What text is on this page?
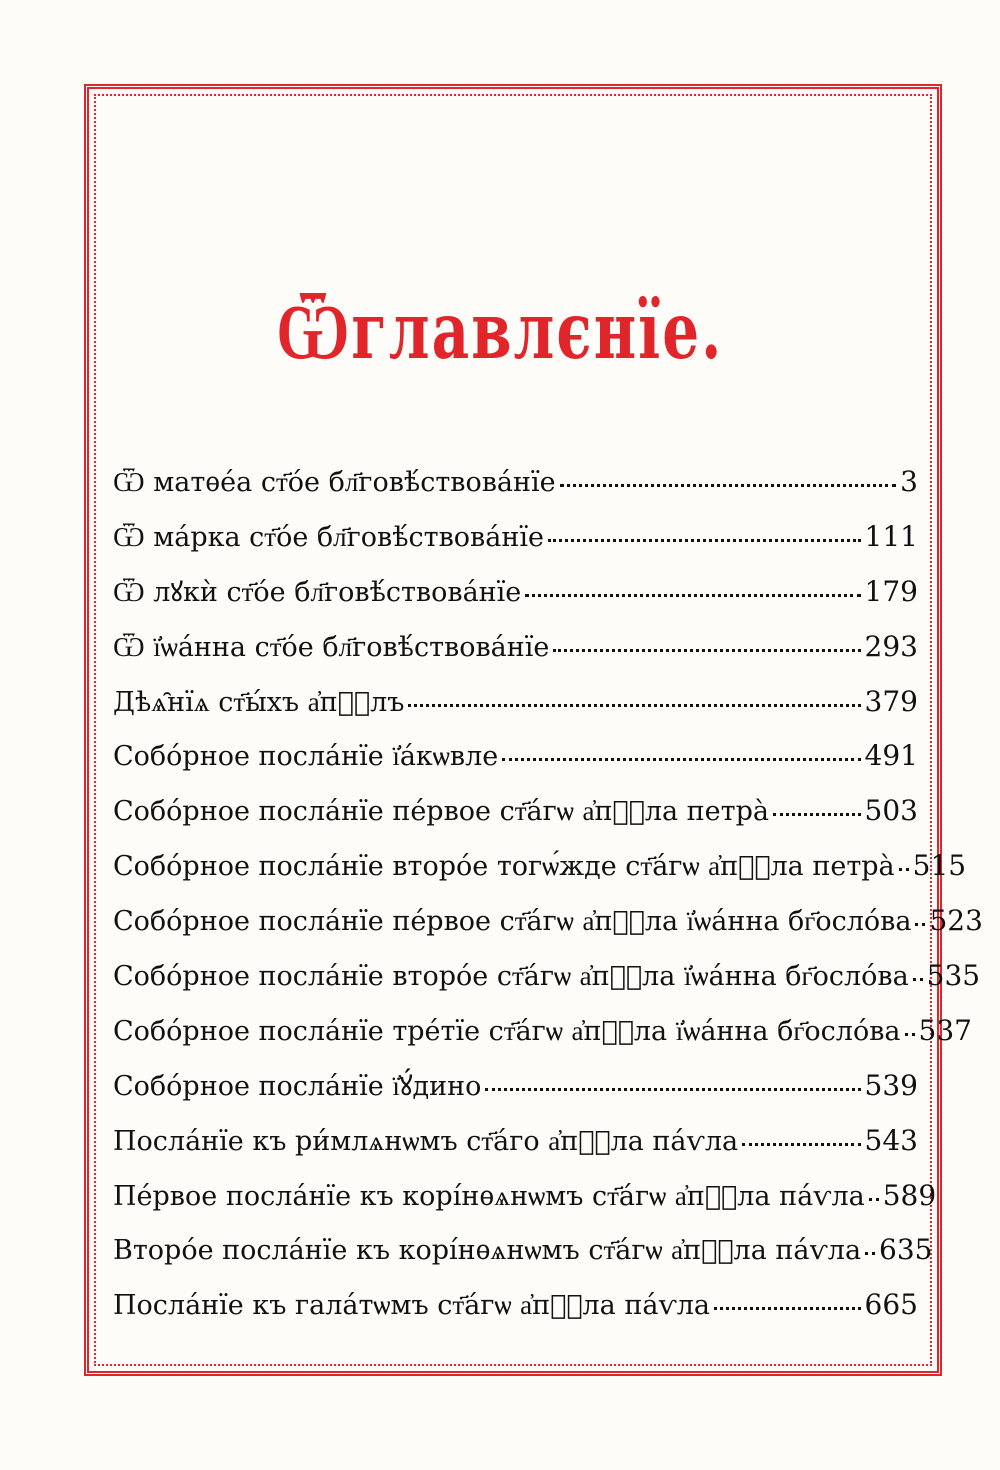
Ѿглавлєнїе.
Ѿ матѳе́а ст҃о́е бл҃говѣ́ствова́нїе	3
Ѿ ма́рка ст҃о́е бл҃говѣ́ствова́нїе	111
Ѿ лꙋкѝ ст҃о́е бл҃говѣ́ствова́нїе	179
Ѿ ї҆ѡа́нна ст҃о́е бл҃говѣ́ствова́нїе	293
Дѣѧ̑нїѧ ст҃ы́хъ а҆пⷭ҇лъ	379
Собо́рное посла́нїе ї҆а́кѡвле	491
Собо́рное посла́нїе пе́рвое ст҃а́гѡ а҆пⷭ҇ла петра̀	503
Собо́рное посла́нїе второ́е тогѡ́жде ст҃а́гѡ а҆пⷭ҇ла петра̀ 515
Собо́рное посла́нїе пе́рвое ст҃а́гѡ а҆пⷭ҇ла ї҆ѡа́нна бг҃осло́ва 523
Собо́рное посла́нїе второ́е ст҃а́гѡ а҆пⷭ҇ла ї҆ѡа́нна бг҃осло́ва 535
Собо́рное посла́нїе тре́тїе ст҃а́гѡ а҆пⷭ҇ла ї҆ѡа́нна бг҃осло́ва 537
Собо́рное посла́нїе ї҆ꙋ́дино	539
Посла́нїе къ ри́млѧнѡмъ ст҃а́го а҆пⷭ҇ла па́ѵла	543
Пе́рвое посла́нїе къ корі́нѳѧнѡмъ ст҃а́гѡ а҆пⷭ҇ла па́ѵла 589
Второ́е посла́нїе къ корі́нѳѧнѡмъ ст҃а́гѡ а҆пⷭ҇ла па́ѵла 635
Посла́нїе къ гала́тѡмъ ст҃а́гѡ а҆пⷭ҇ла па́ѵла	665
